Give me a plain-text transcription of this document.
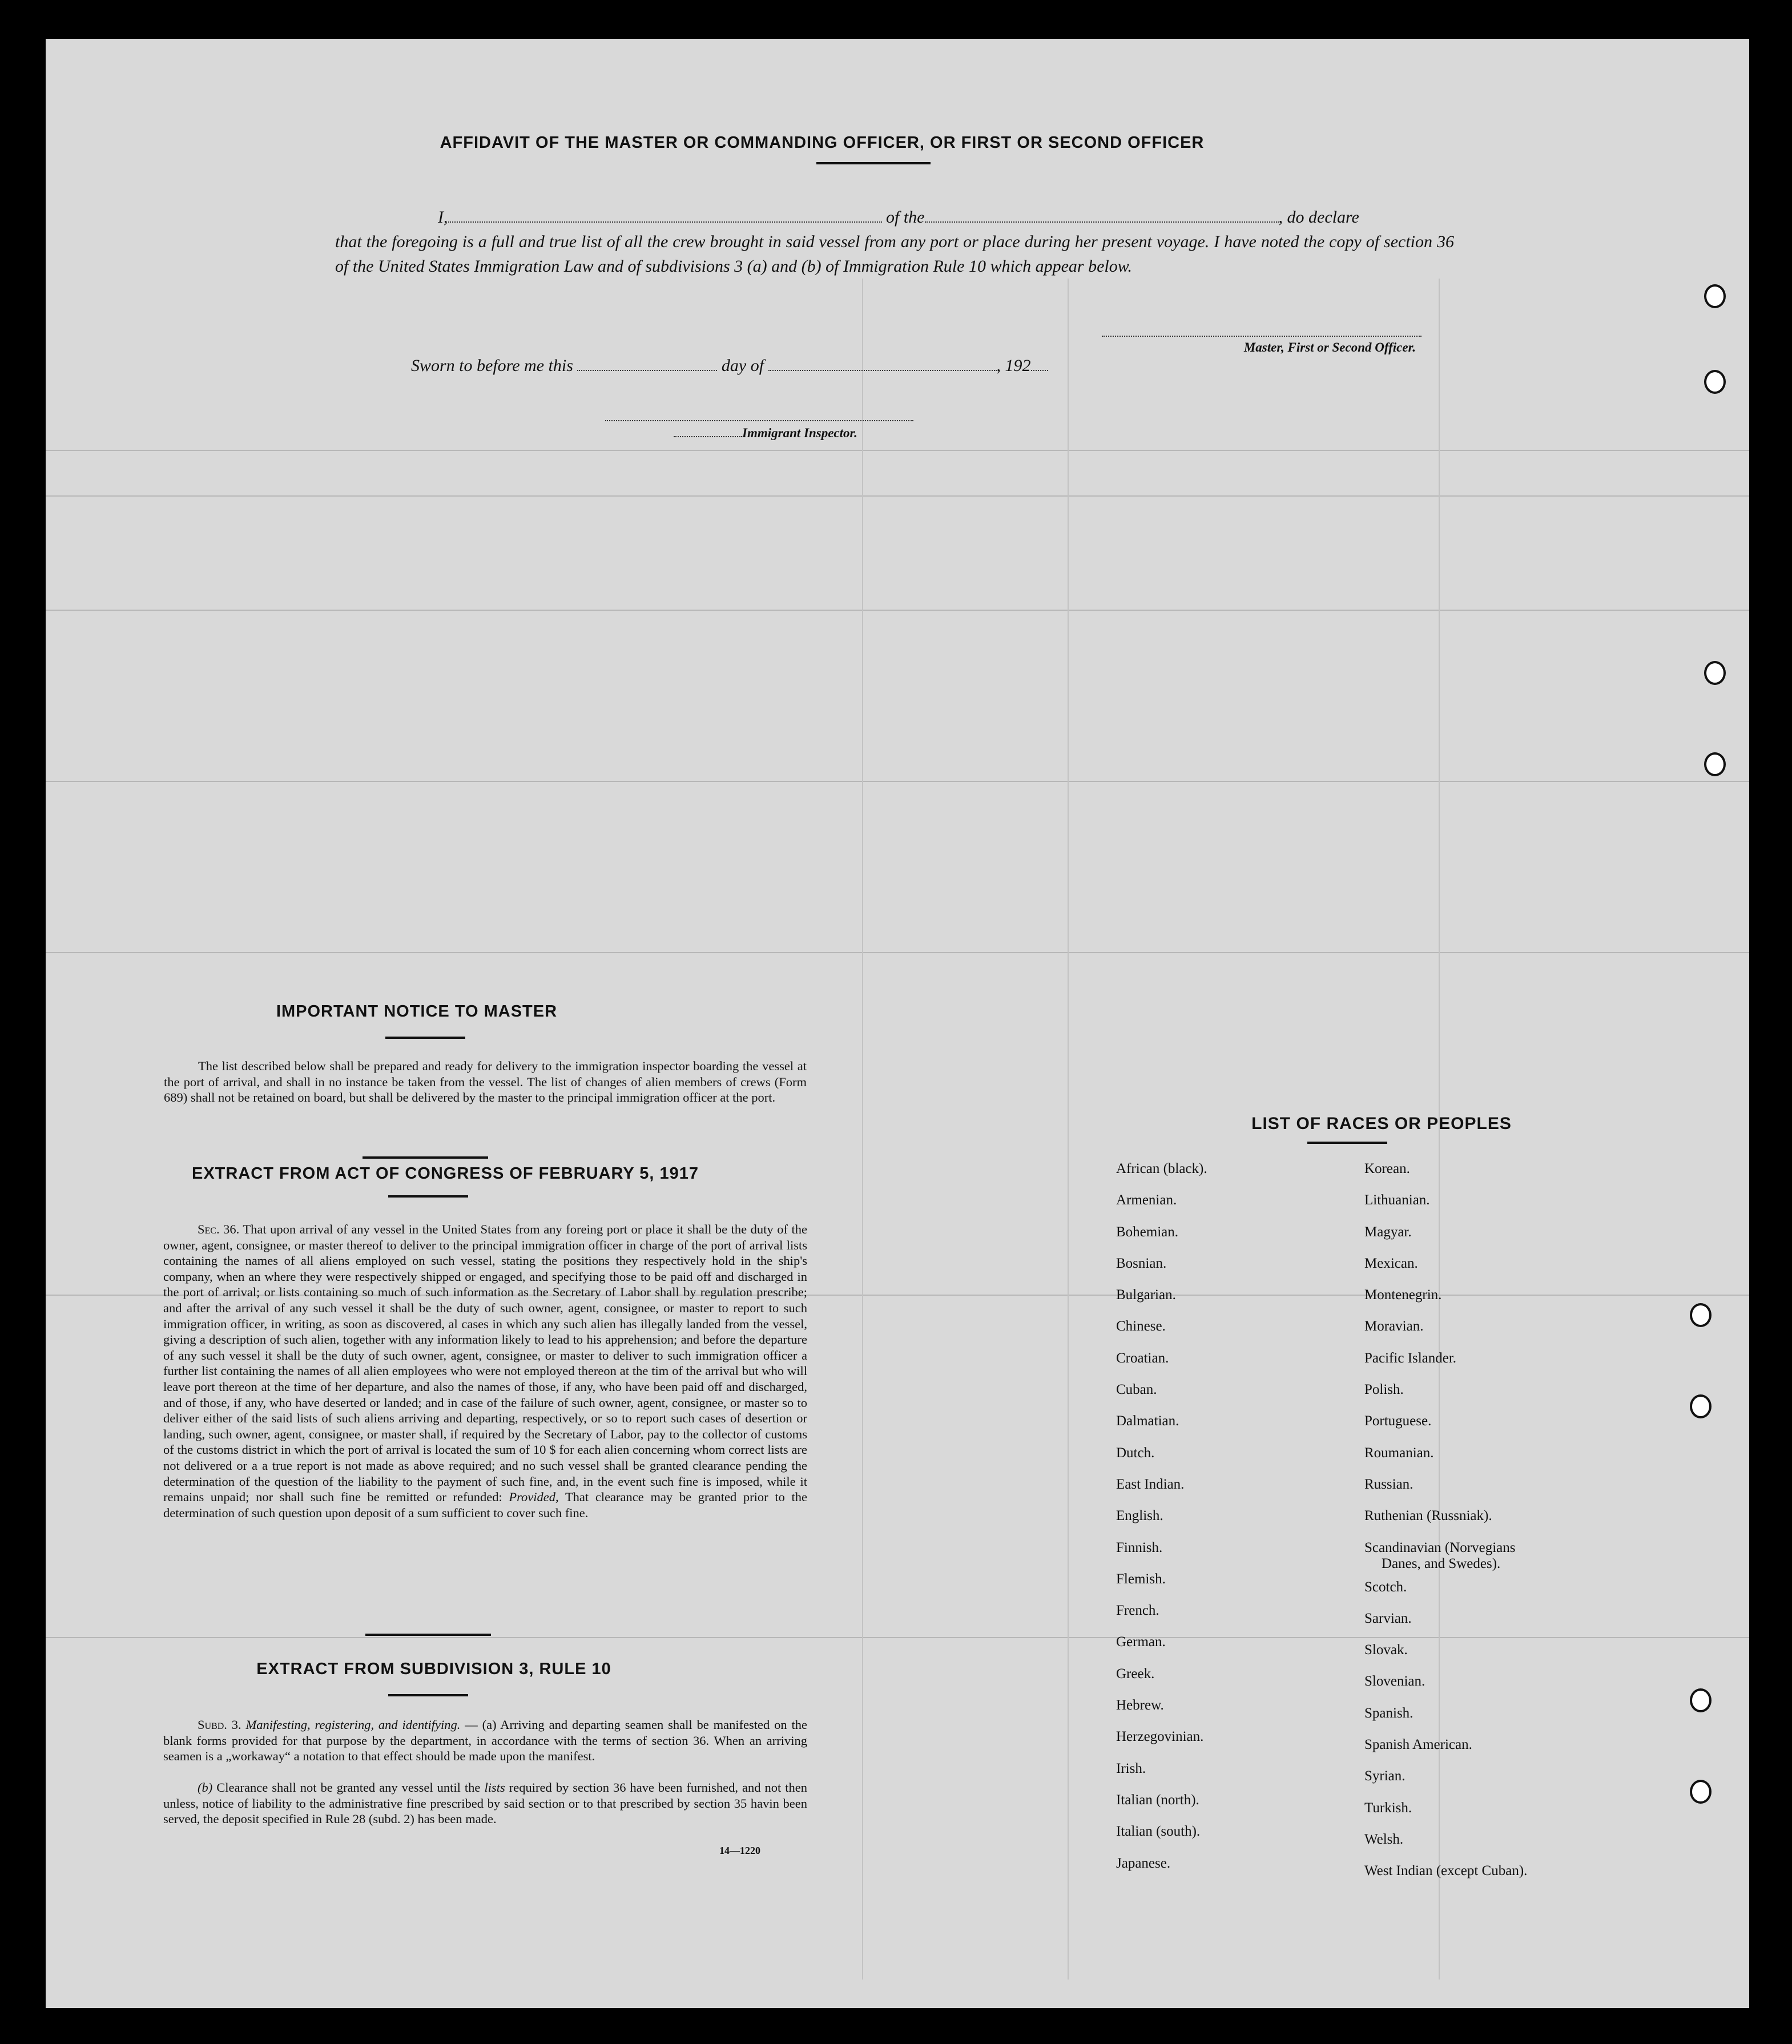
AFFIDAVIT OF THE MASTER OR COMMANDING OFFICER, OR FIRST OR SECOND OFFICER
I,	of the	, do declare
that the foregoing is a full and true list of all the crew brought in said vessel from any port or place during her present voyage. I have noted the copy of section 36 of the United States Immigration Law and of subdivisions 3 (a) and (b) of Immigration Rule 10 which appear below.
Master, First or Second Officer.
Sworn to before me this	day of	, 192
Immigrant Inspector.
IMPORTANT NOTICE TO MASTER
The list described below shall be prepared and ready for delivery to the immigration inspector boarding the vessel at the port of arrival, and shall in no instance be taken from the vessel. The list of changes of alien members of crews (Form 689) shall not be retained on board, but shall be delivered by the master to the principal immigration officer at the port.
EXTRACT FROM ACT OF CONGRESS OF FEBRUARY 5, 1917
Sec. 36. That upon arrival of any vessel in the United States from any foreing port or place it shall be the duty of the owner, agent, consignee, or master thereof to deliver to the principal immigration officer in charge of the port of arrival lists containing the names of all aliens employed on such vessel, stating the positions they respectively hold in the ship's company, when an where they were respectively shipped or engaged, and specifying those to be paid off and discharged in the port of arrival; or lists containing so much of such information as the Secretary of Labor shall by regulation prescribe; and after the arrival of any such vessel it shall be the duty of such owner, agent, consignee, or master to report to such immigration officer, in writing, as soon as discovered, al cases in which any such alien has illegally landed from the vessel, giving a description of such alien, together with any information likely to lead to his apprehension; and before the departure of any such vessel it shall be the duty of such owner, agent, consignee, or master to deliver to such immigration officer a further list containing the names of all alien employees who were not employed thereon at the tim of the arrival but who will leave port thereon at the time of her departure, and also the names of those, if any, who have been paid off and discharged, and of those, if any, who have deserted or landed; and in case of the failure of such owner, agent, consignee, or master so to deliver either of the said lists of such aliens arriving and departing, respectively, or so to report such cases of desertion or landing, such owner, agent, consignee, or master shall, if required by the Secretary of Labor, pay to the collector of customs of the customs district in which the port of arrival is located the sum of 10 $ for each alien concerning whom correct lists are not delivered or a a true report is not made as above required; and no such vessel shall be granted clearance pending the determination of the question of the liability to the payment of such fine, and, in the event such fine is imposed, while it remains unpaid; nor shall such fine be remitted or refunded: Provided, That clearance may be granted prior to the determination of such question upon deposit of a sum sufficient to cover such fine.
EXTRACT FROM SUBDIVISION 3, RULE 10
Subd. 3. Manifesting, registering, and identifying. — (a) Arriving and departing seamen shall be manifested on the blank forms provided for that purpose by the department, in accordance with the terms of section 36. When an arriving seamen is a „workaway“ a notation to that effect should be made upon the manifest.
(b) Clearance shall not be granted any vessel until the lists required by section 36 have been furnished, and not then unless, notice of liability to the administrative fine prescribed by said section or to that prescribed by section 35 havin been served, the deposit specified in Rule 28 (subd. 2) has been made.
14—1220
LIST OF RACES OR PEOPLES
African (black).
Armenian.
Bohemian.
Bosnian.
Bulgarian.
Chinese.
Croatian.
Cuban.
Dalmatian.
Dutch.
East Indian.
English.
Finnish.
Flemish.
French.
German.
Greek.
Hebrew.
Herzegovinian.
Irish.
Italian (north).
Italian (south).
Japanese.
Korean.
Lithuanian.
Magyar.
Mexican.
Montenegrin.
Moravian.
Pacific Islander.
Polish.
Portuguese.
Roumanian.
Russian.
Ruthenian (Russniak).
Scandinavian (Norvegians
Danes, and Swedes).
Scotch.
Sarvian.
Slovak.
Slovenian.
Spanish.
Spanish American.
Syrian.
Turkish.
Welsh.
West Indian (except Cuban).
